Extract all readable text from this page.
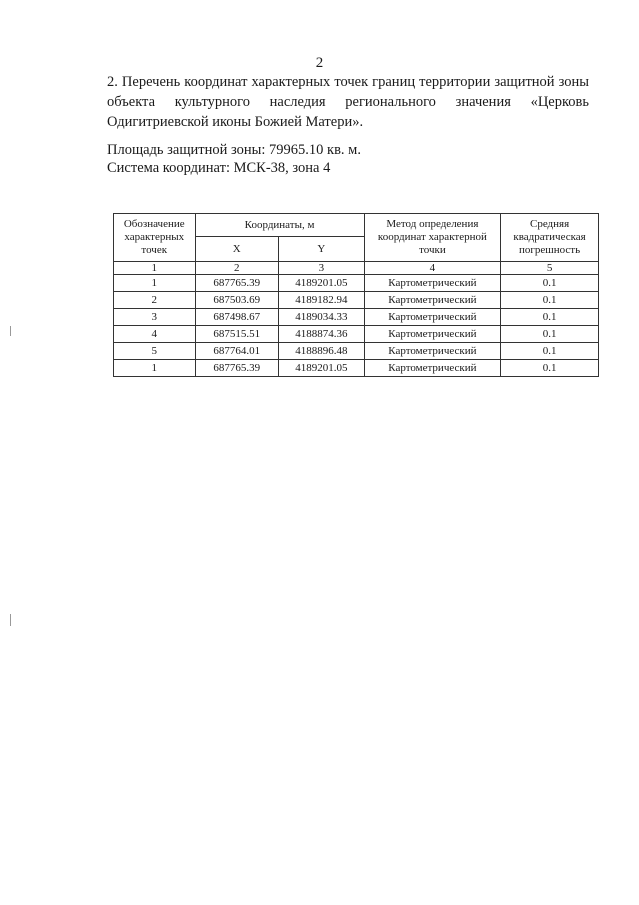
2
2. Перечень координат характерных точек границ территории защитной зоны объекта культурного наследия регионального значения «Церковь Одигитриевской иконы Божией Матери».
Площадь защитной зоны: 79965.10 кв. м.
Система координат: МСК-38, зона 4
Обозначение характерных точек	Координаты, м		Метод определения координат характерной точки	Средняя квадратическая погрешность
	X	Y		
1	2	3	4	5
1	687765.39	4189201.05	Картометрический	0.1
2	687503.69	4189182.94	Картометрический	0.1
3	687498.67	4189034.33	Картометрический	0.1
4	687515.51	4188874.36	Картометрический	0.1
5	687764.01	4188896.48	Картометрический	0.1
1	687765.39	4189201.05	Картометрический	0.1
